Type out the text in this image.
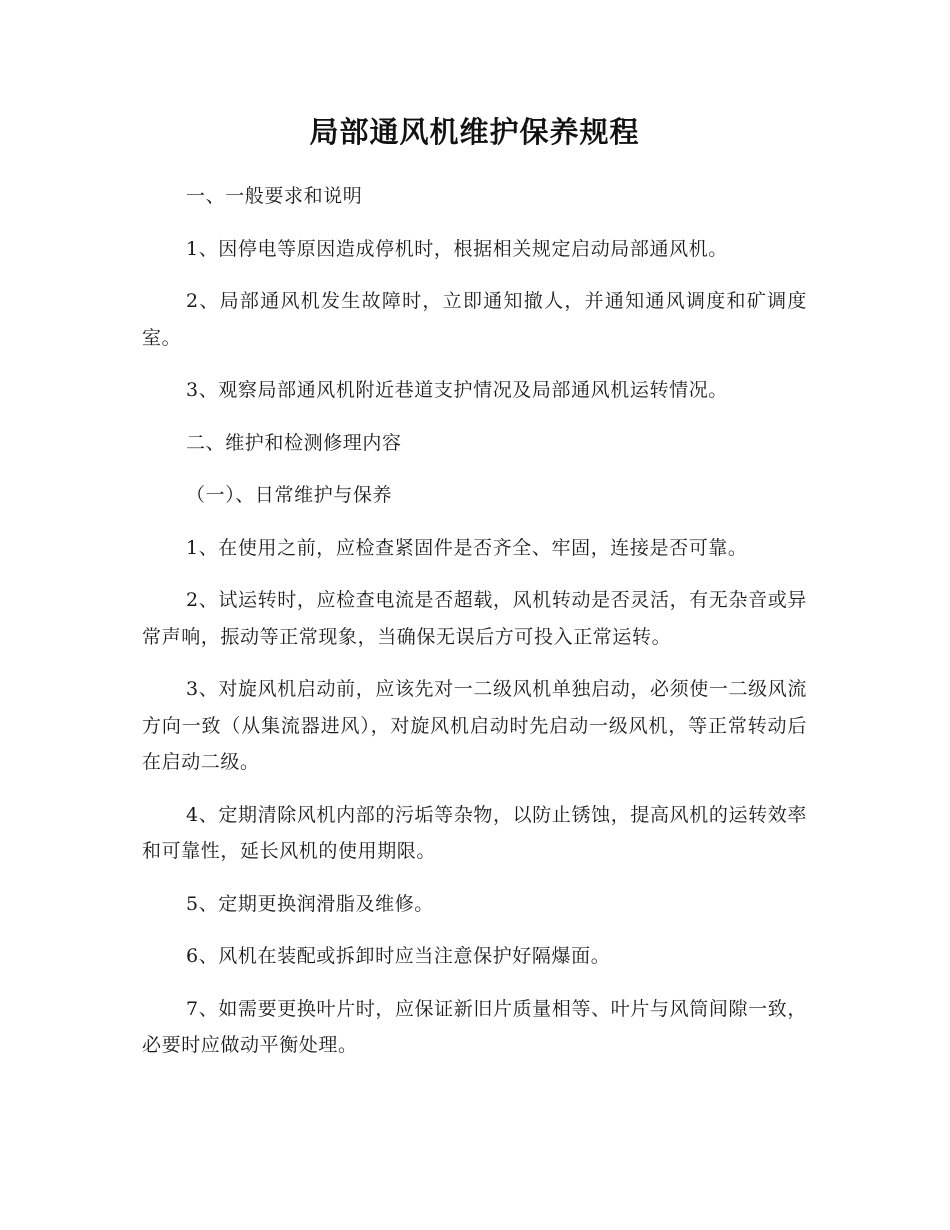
局部通风机维护保养规程

一、一般要求和说明

1、因停电等原因造成停机时，根据相关规定启动局部通风机。

2、局部通风机发生故障时，立即通知撤人，并通知通风调度和矿调度室。

3、观察局部通风机附近巷道支护情况及局部通风机运转情况。

二、维护和检测修理内容

（一）、日常维护与保养

1、在使用之前，应检查紧固件是否齐全、牢固，连接是否可靠。

2、试运转时，应检查电流是否超载，风机转动是否灵活，有无杂音或异常声响，振动等正常现象，当确保无误后方可投入正常运转。

3、对旋风机启动前，应该先对一二级风机单独启动，必须使一二级风流方向一致（从集流器进风），对旋风机启动时先启动一级风机，等正常转动后在启动二级。

4、定期清除风机内部的污垢等杂物，以防止锈蚀，提高风机的运转效率和可靠性，延长风机的使用期限。

5、定期更换润滑脂及维修。

6、风机在装配或拆卸时应当注意保护好隔爆面。

7、如需要更换叶片时，应保证新旧片质量相等、叶片与风筒间隙一致，必要时应做动平衡处理。
